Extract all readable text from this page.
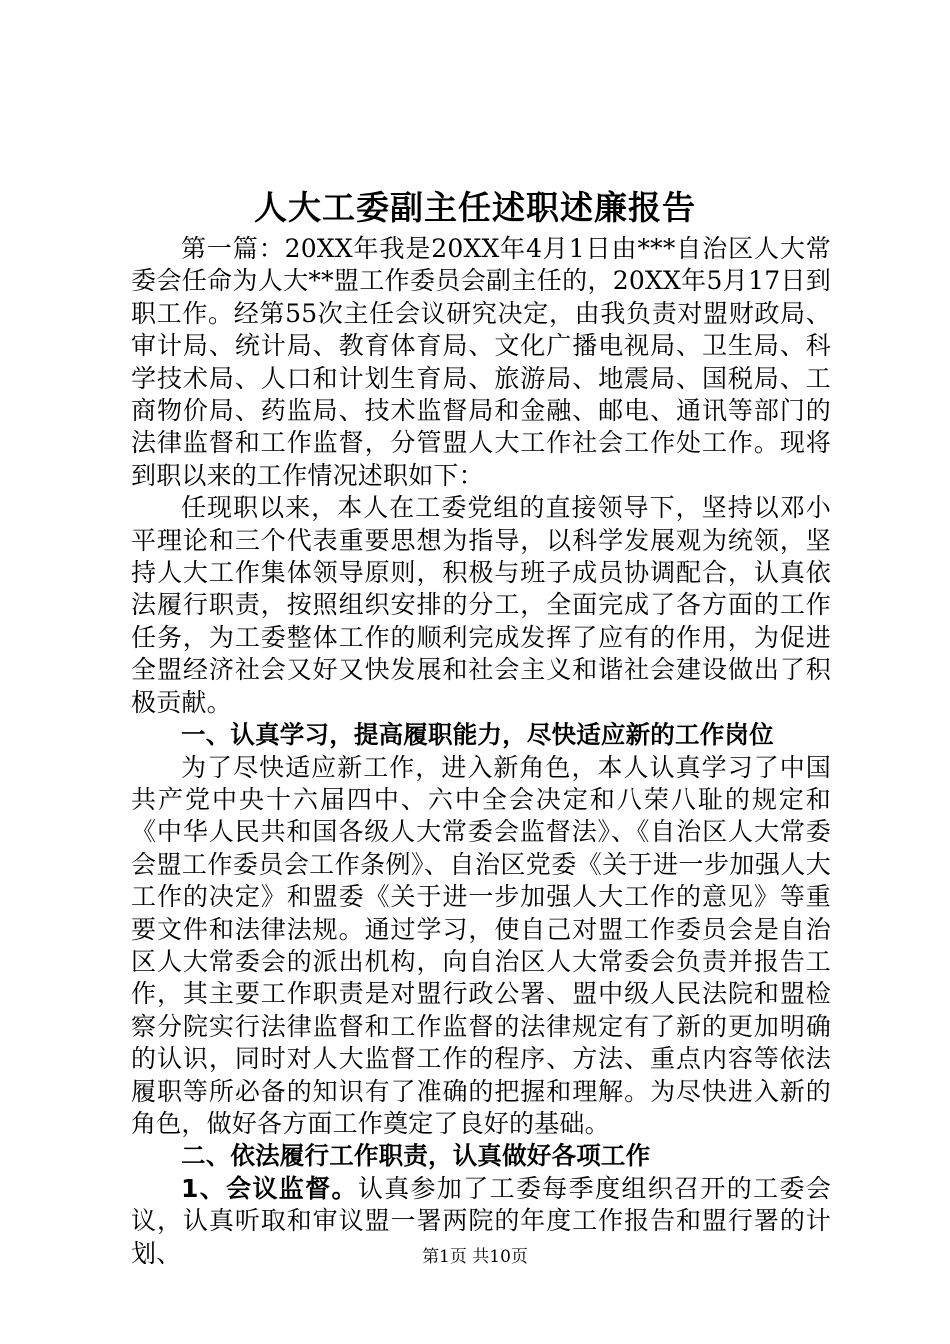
人大工委副主任述职述廉报告

第一篇：20XX年我是20XX年4月1日由***自治区人大常委会任命为人大**盟工作委员会副主任的，20XX年5月17日到职工作。经第55次主任会议研究决定，由我负责对盟财政局、审计局、统计局、教育体育局、文化广播电视局、卫生局、科学技术局、人口和计划生育局、旅游局、地震局、国税局、工商物价局、药监局、技术监督局和金融、邮电、通讯等部门的法律监督和工作监督，分管盟人大工作社会工作处工作。现将到职以来的工作情况述职如下：

任现职以来，本人在工委党组的直接领导下，坚持以邓小平理论和三个代表重要思想为指导，以科学发展观为统领，坚持人大工作集体领导原则，积极与班子成员协调配合，认真依法履行职责，按照组织安排的分工，全面完成了各方面的工作任务，为工委整体工作的顺利完成发挥了应有的作用，为促进全盟经济社会又好又快发展和社会主义和谐社会建设做出了积极贡献。

一、认真学习，提高履职能力，尽快适应新的工作岗位

为了尽快适应新工作，进入新角色，本人认真学习了中国共产党中央十六届四中、六中全会决定和八荣八耻的规定和《中华人民共和国各级人大常委会监督法》、《自治区人大常委会盟工作委员会工作条例》、自治区党委《关于进一步加强人大工作的决定》和盟委《关于进一步加强人大工作的意见》等重要文件和法律法规。通过学习，使自己对盟工作委员会是自治区人大常委会的派出机构，向自治区人大常委会负责并报告工作，其主要工作职责是对盟行政公署、盟中级人民法院和盟检察分院实行法律监督和工作监督的法律规定有了新的更加明确的认识，同时对人大监督工作的程序、方法、重点内容等依法履职等所必备的知识有了准确的把握和理解。为尽快进入新的角色，做好各方面工作奠定了良好的基础。

二、依法履行工作职责，认真做好各项工作

1、会议监督。认真参加了工委每季度组织召开的工委会议，认真听取和审议盟一署两院的年度工作报告和盟行署的计划、	第1页 共10页
